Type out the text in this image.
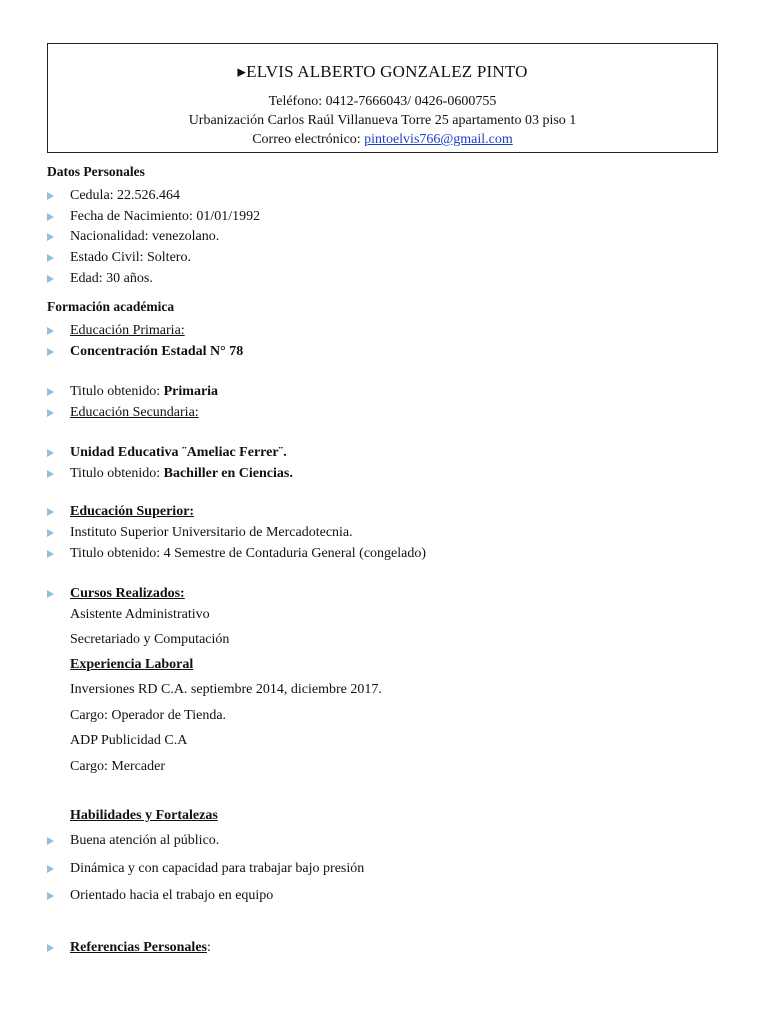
▸ELVIS ALBERTO GONZALEZ PINTO
Teléfono: 0412-7666043/ 0426-0600755
Urbanización Carlos Raúl Villanueva Torre 25 apartamento 03 piso 1
Correo electrónico: pintoelvis766@gmail.com
Datos Personales
Cedula: 22.526.464
Fecha de Nacimiento: 01/01/1992
Nacionalidad: venezolano.
Estado Civil: Soltero.
Edad: 30 años.
Formación académica
Educación Primaria:
Concentración Estadal N° 78
Titulo obtenido: Primaria
Educación Secundaria:
Unidad Educativa ¨Ameliac Ferrer¨.
Titulo obtenido: Bachiller en Ciencias.
Educación Superior:
Instituto Superior Universitario de Mercadotecnia.
Titulo obtenido: 4 Semestre de Contaduria General (congelado)
Cursos Realizados:
Asistente Administrativo
Secretariado y Computación
Experiencia Laboral
Inversiones RD C.A. septiembre 2014, diciembre 2017.
Cargo: Operador de Tienda.
ADP Publicidad C.A
Cargo: Mercader
Habilidades y Fortalezas
Buena atención al público.
Dinámica y con capacidad para trabajar bajo presión
Orientado hacia el trabajo en equipo
Referencias Personales:
